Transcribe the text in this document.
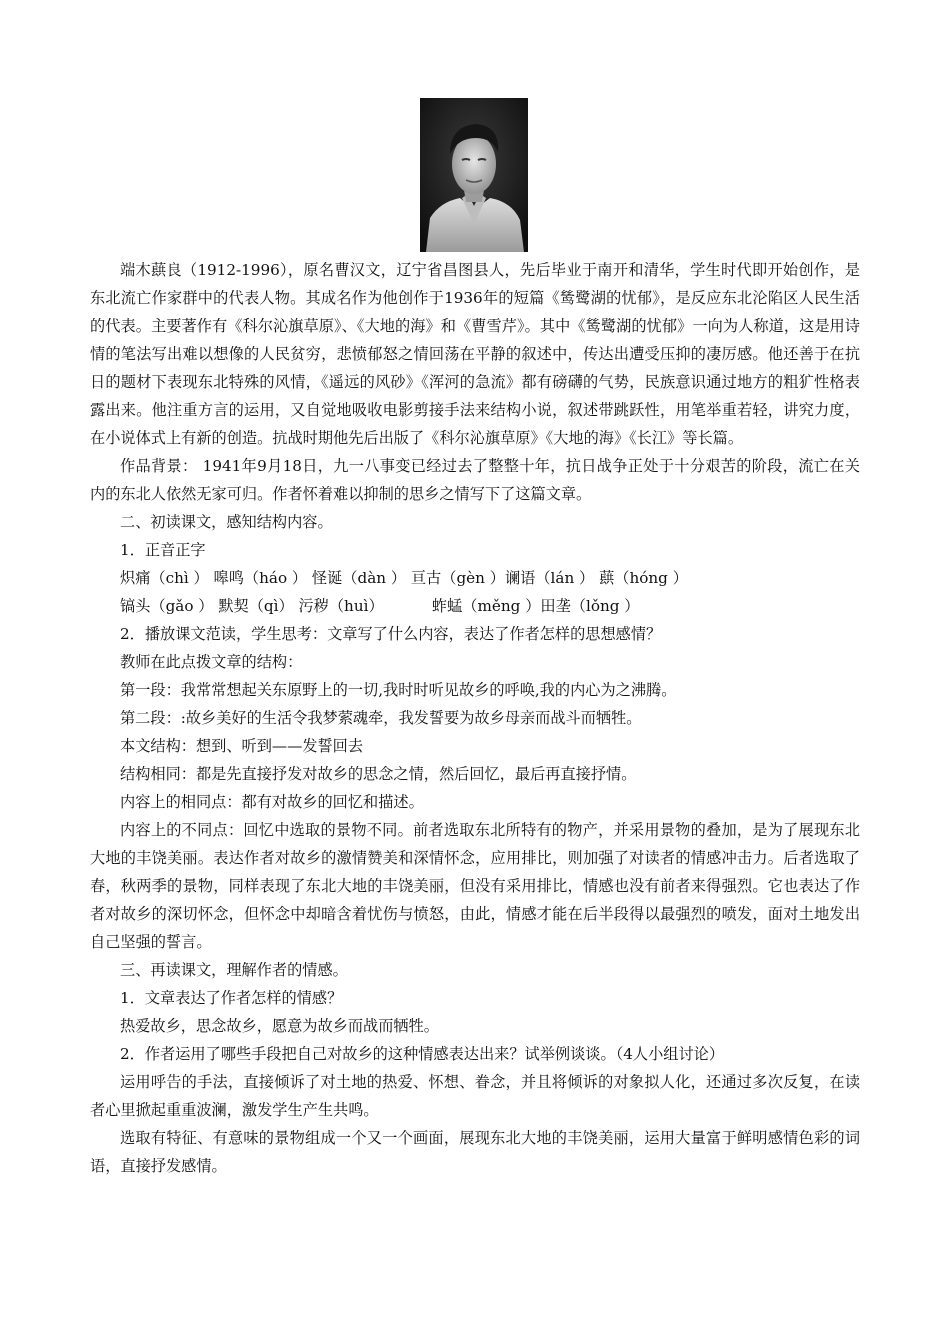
端木蕻良（1912-1996），原名曹汉文，辽宁省昌图县人，先后毕业于南开和清华，学生时代即开始创作，是东北流亡作家群中的代表人物。其成名作为他创作于1936年的短篇《鸶鹭湖的忧郁》，是反应东北沦陷区人民生活的代表。主要著作有《科尔沁旗草原》、《大地的海》和《曹雪芹》。其中《鸶鹭湖的忧郁》一向为人称道，这是用诗情的笔法写出难以想像的人民贫穷，悲愤郁怒之情回荡在平静的叙述中，传达出遭受压抑的凄厉感。他还善于在抗日的题材下表现东北特殊的风情，《遥远的风砂》《浑河的急流》都有磅礴的气势，民族意识通过地方的粗犷性格表露出来。他注重方言的运用，又自觉地吸收电影剪接手法来结构小说，叙述带跳跃性，用笔举重若轻，讲究力度，在小说体式上有新的创造。抗战时期他先后出版了《科尔沁旗草原》《大地的海》《长江》等长篇。

作品背景： 1941年9月18日，九一八事变已经过去了整整十年，抗日战争正处于十分艰苦的阶段，流亡在关内的东北人依然无家可归。作者怀着难以抑制的思乡之情写下了这篇文章。

二、初读课文，感知结构内容。

1．正音正字

炽痛（chì ） 嗥鸣（háo ） 怪诞（dàn ） 亘古（gèn ）谰语（lán ） 蕻（hóng ）

镐头（gǎo ） 默契（qì） 污秽（huì）          蚱蜢（měng ）田垄（lǒng ）

2．播放课文范读，学生思考：文章写了什么内容，表达了作者怎样的思想感情？

教师在此点拨文章的结构：

第一段：我常常想起关东原野上的一切,我时时听见故乡的呼唤,我的内心为之沸腾。

第二段：:故乡美好的生活令我梦萦魂牵，我发誓要为故乡母亲而战斗而牺牲。

本文结构：想到、听到——发誓回去

结构相同：都是先直接抒发对故乡的思念之情，然后回忆，最后再直接抒情。

内容上的相同点：都有对故乡的回忆和描述。

内容上的不同点：回忆中选取的景物不同。前者选取东北所特有的物产，并采用景物的叠加，是为了展现东北大地的丰饶美丽。表达作者对故乡的激情赞美和深情怀念，应用排比，则加强了对读者的情感冲击力。后者选取了春，秋两季的景物，同样表现了东北大地的丰饶美丽，但没有采用排比，情感也没有前者来得强烈。它也表达了作者对故乡的深切怀念，但怀念中却暗含着忧伤与愤怒，由此，情感才能在后半段得以最强烈的喷发，面对土地发出自己坚强的誓言。

三、再读课文，理解作者的情感。

1．文章表达了作者怎样的情感？

热爱故乡，思念故乡，愿意为故乡而战而牺牲。

2．作者运用了哪些手段把自己对故乡的这种情感表达出来？试举例谈谈。（4人小组讨论）

运用呼告的手法，直接倾诉了对土地的热爱、怀想、眷念，并且将倾诉的对象拟人化，还通过多次反复，在读者心里掀起重重波澜，激发学生产生共鸣。

选取有特征、有意味的景物组成一个又一个画面，展现东北大地的丰饶美丽，运用大量富于鲜明感情色彩的词语，直接抒发感情。
